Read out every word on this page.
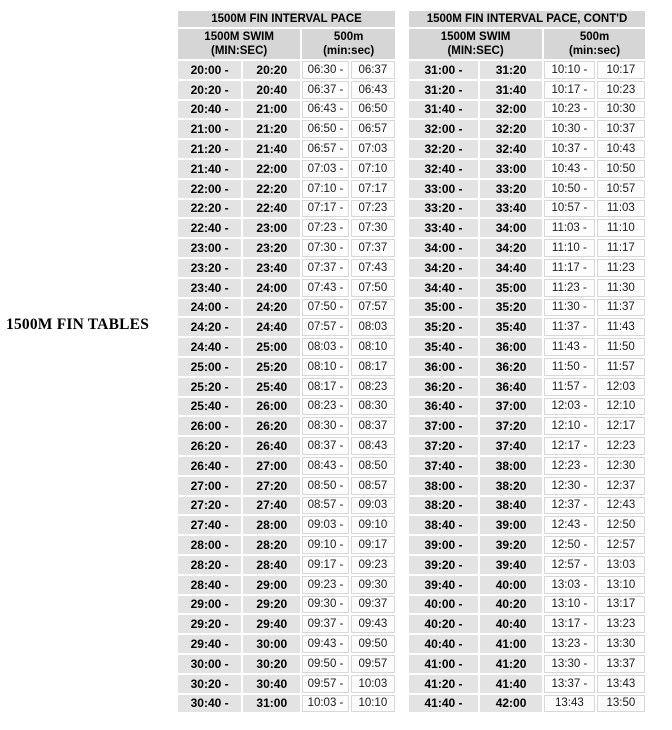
1500M FIN TABLES
1500M FIN INTERVAL PACE			
1500M SWIM
(MIN:SEC)		500m
(min:sec)	
20:00 -	20:20	06:30 -	06:37
20:20 -	20:40	06:37 -	06:43
20:40 -	21:00	06:43 -	06:50
21:00 -	21:20	06:50 -	06:57
21:20 -	21:40	06:57 -	07:03
21:40 -	22:00	07:03 -	07:10
22:00 -	22:20	07:10 -	07:17
22:20 -	22:40	07:17 -	07:23
22:40 -	23:00	07:23 -	07:30
23:00 -	23:20	07:30 -	07:37
23:20 -	23:40	07:37 -	07:43
23:40 -	24:00	07:43 -	07:50
24:00 -	24:20	07:50 -	07:57
24:20 -	24:40	07:57 -	08:03
24:40 -	25:00	08:03 -	08:10
25:00 -	25:20	08:10 -	08:17
25:20 -	25:40	08:17 -	08:23
25:40 -	26:00	08:23 -	08:30
26:00 -	26:20	08:30 -	08:37
26:20 -	26:40	08:37 -	08:43
26:40 -	27:00	08:43 -	08:50
27:00 -	27:20	08:50 -	08:57
27:20 -	27:40	08:57 -	09:03
27:40 -	28:00	09:03 -	09:10
28:00 -	28:20	09:10 -	09:17
28:20 -	28:40	09:17 -	09:23
28:40 -	29:00	09:23 -	09:30
29:00 -	29:20	09:30 -	09:37
29:20 -	29:40	09:37 -	09:43
29:40 -	30:00	09:43 -	09:50
30:00 -	30:20	09:50 -	09:57
30:20 -	30:40	09:57 -	10:03
30:40 -	31:00	10:03 -	10:10
1500M FIN INTERVAL PACE, CONT'D			
1500M SWIM
(MIN:SEC)		500m
(min:sec)	
31:00 -	31:20	10:10 -	10:17
31:20 -	31:40	10:17 -	10:23
31:40 -	32:00	10:23 -	10:30
32:00 -	32:20	10:30 -	10:37
32:20 -	32:40	10:37 -	10:43
32:40 -	33:00	10:43 -	10:50
33:00 -	33:20	10:50 -	10:57
33:20 -	33:40	10:57 -	11:03
33:40 -	34:00	11:03 -	11:10
34:00 -	34:20	11:10 -	11:17
34:20 -	34:40	11:17 -	11:23
34:40 -	35:00	11:23 -	11:30
35:00 -	35:20	11:30 -	11:37
35:20 -	35:40	11:37 -	11:43
35:40 -	36:00	11:43 -	11:50
36:00 -	36:20	11:50 -	11:57
36:20 -	36:40	11:57 -	12:03
36:40 -	37:00	12:03 -	12:10
37:00 -	37:20	12:10 -	12:17
37:20 -	37:40	12:17 -	12:23
37:40 -	38:00	12:23 -	12:30
38:00 -	38:20	12:30 -	12:37
38:20 -	38:40	12:37 -	12:43
38:40 -	39:00	12:43 -	12:50
39:00 -	39:20	12:50 -	12:57
39:20 -	39:40	12:57 -	13:03
39:40 -	40:00	13:03 -	13:10
40:00 -	40:20	13:10 -	13:17
40:20 -	40:40	13:17 -	13:23
40:40 -	41:00	13:23 -	13:30
41:00 -	41:20	13:30 -	13:37
41:20 -	41:40	13:37 -	13:43
41:40 -	42:00	13:43	13:50
